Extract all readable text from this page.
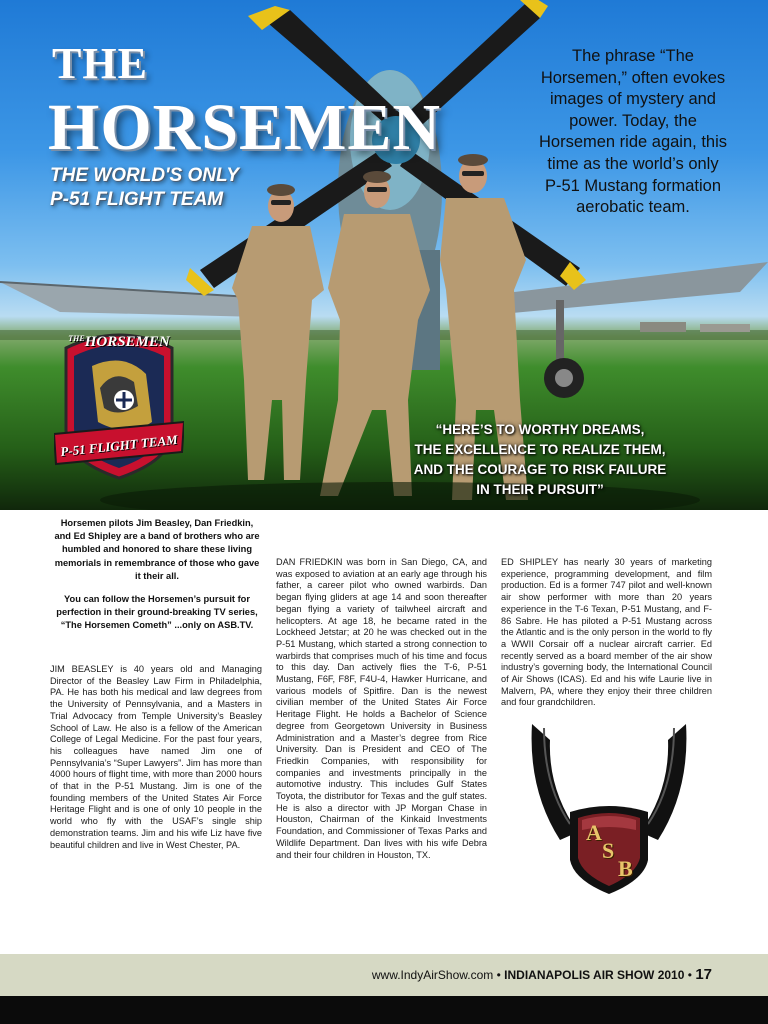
THE
HORSEMEN

THE WORLD'S ONLY
P-51 FLIGHT TEAM

The phrase “The Horsemen,” often evokes images of mystery and power. Today, the Horsemen ride again, this time as the world’s only P-51 Mustang formation aerobatic team.

$^{THE}$HORSEMEN
P-51 FLIGHT TEAM

“HERE’S TO WORTHY DREAMS,
THE EXCELLENCE TO REALIZE THEM,
AND THE COURAGE TO RISK FAILURE
IN THEIR PURSUIT”

Horsemen pilots Jim Beasley, Dan Friedkin, and Ed Shipley are a band of brothers who are humbled and honored to share these living memorials in remembrance of those who gave it their all.

You can follow the Horsemen’s pursuit for perfection in their ground-breaking TV series, “The Horsemen Cometh” ...only on ASB.TV.

JIM BEASLEY is 40 years old and Managing Director of the Beasley Law Firm in Philadelphia, PA. He has both his medical and law degrees from the University of Pennsylvania, and a Masters in Trial Advocacy from Temple University’s Beasley School of Law. He also is a fellow of the American College of Legal Medicine. For the past four years, his colleagues have named Jim one of Pennsylvania’s “Super Lawyers”. Jim has more than 4000 hours of flight time, with more than 2000 hours of that in the P-51 Mustang. Jim is one of the founding members of the United States Air Force Heritage Flight and is one of only 10 people in the world who fly with the USAF’s single ship demonstration teams. Jim and his wife Liz have five beautiful children and live in West Chester, PA.

DAN FRIEDKIN was born in San Diego, CA, and was exposed to aviation at an early age through his father, a career pilot who owned warbirds. Dan began flying gliders at age 14 and soon thereafter began flying a variety of tailwheel aircraft and helicopters. At age 18, he became rated in the Lockheed Jetstar; at 20 he was checked out in the P-51 Mustang, which started a strong connection to warbirds that comprises much of his time and focus to this day. Dan actively flies the T-6, P-51 Mustang, F6F, F8F, F4U-4, Hawker Hurricane, and various models of Spitfire. Dan is the newest civilian member of the United States Air Force Heritage Flight. He holds a Bachelor of Science degree from Georgetown University in Business Administration and a Master’s degree from Rice University. Dan is President and CEO of The Friedkin Companies, with responsibility for companies and investments principally in the automotive industry. This includes Gulf States Toyota, the distributor for Texas and the gulf states. He is also a director with JP Morgan Chase in Houston, Chairman of the Kinkaid Investments Foundation, and Commissioner of Texas Parks and Wildlife Department. Dan lives with his wife Debra and their four children in Houston, TX.

ED SHIPLEY has nearly 30 years of marketing experience, programming development, and film production. Ed is a former 747 pilot and well-known air show performer with more than 20 years experience in the T-6 Texan, P-51 Mustang, and F-86 Sabre. He has piloted a P-51 Mustang across the Atlantic and is the only person in the world to fly a WWII Corsair off a nuclear aircraft carrier. Ed recently served as a board member of the air show industry’s governing body, the International Council of Air Shows (ICAS). Ed and his wife Laurie live in Malvern, PA, where they enjoy their three children and four grandchildren.

A
S
B

www.IndyAirShow.com • INDIANAPOLIS AIR SHOW 2010 • 17
